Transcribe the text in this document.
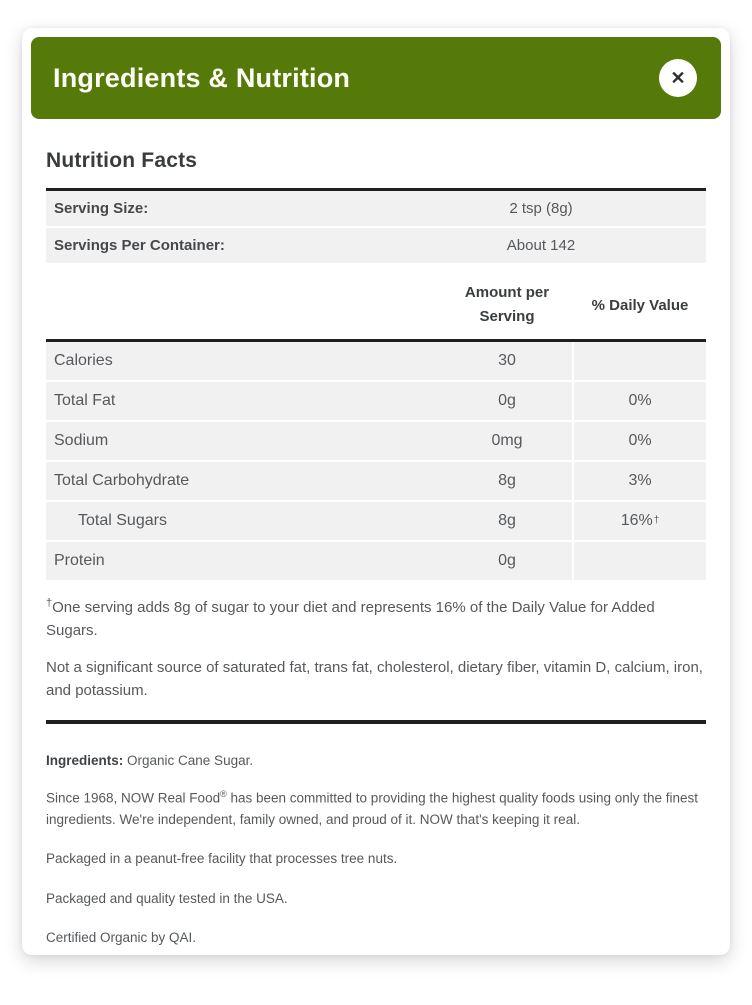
Ingredients & Nutrition	✕
Nutrition Facts
Serving Size:	2 tsp (8g)
Servings Per Container:	About 142
Amount per Serving
% Daily Value
Calories	30
Total Fat	0g	0%
Sodium	0mg	0%
Total Carbohydrate	8g	3%
Total Sugars	8g	16%†
Protein	0g

†One serving adds 8g of sugar to your diet and represents 16% of the Daily Value for Added Sugars.

Not a significant source of saturated fat, trans fat, cholesterol, dietary fiber, vitamin D, calcium, iron, and potassium.

Ingredients: Organic Cane Sugar.

Since 1968, NOW Real Food® has been committed to providing the highest quality foods using only the finest ingredients. We're independent, family owned, and proud of it. NOW that's keeping it real.

Packaged in a peanut-free facility that processes tree nuts.

Packaged and quality tested in the USA.

Certified Organic by QAI.
